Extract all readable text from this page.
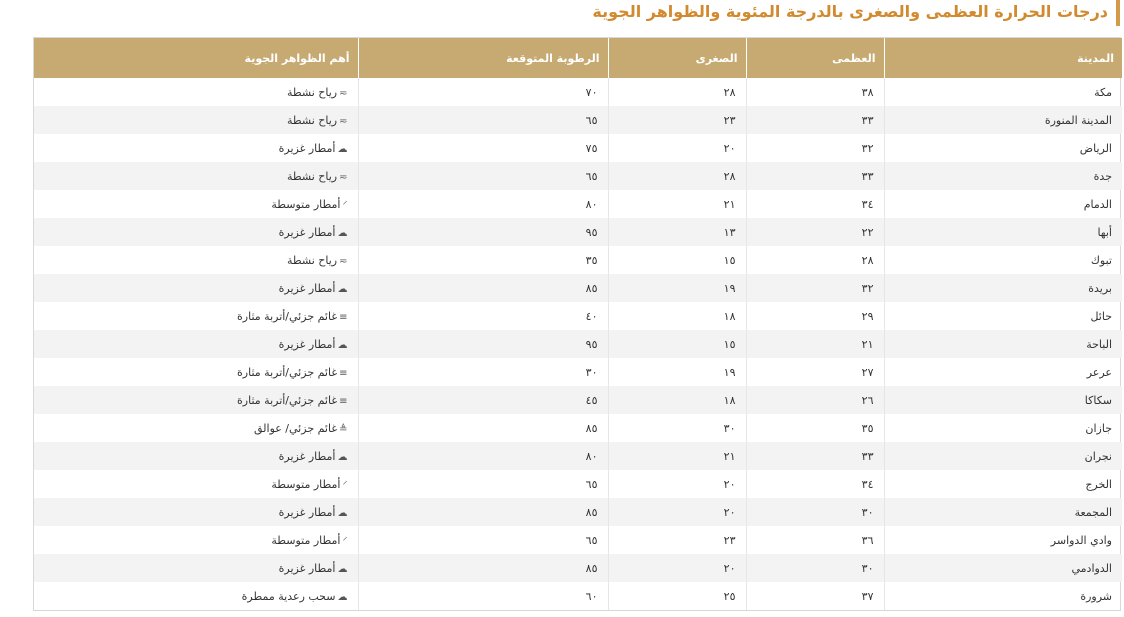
درجات الحرارة العظمى والصغرى بالدرجة المئوية والظواهر الجوية
المدينة	العظمى	الصغرى	الرطوبة المتوقعة	أهم الظواهر الجوية
مكة	٣٨	٢٨	٧٠	≂رياح نشطة
المدينة المنورة	٣٣	٢٣	٦٥	≂رياح نشطة
الرياض	٣٢	٢٠	٧٥	☁أمطار غزيرة
جدة	٣٣	٢٨	٦٥	≂رياح نشطة
الدمام	٣٤	٢١	٨٠	⸌أمطار متوسطة
أبها	٢٢	١٣	٩٥	☁أمطار غزيرة
تبوك	٢٨	١٥	٣٥	≂رياح نشطة
بريدة	٣٢	١٩	٨٥	☁أمطار غزيرة
حائل	٢٩	١٨	٤٠	≡غائم جزئي/أتربة مثارة
الباحة	٢١	١٥	٩٥	☁أمطار غزيرة
عرعر	٢٧	١٩	٣٠	≡غائم جزئي/أتربة مثارة
سكاكا	٢٦	١٨	٤٥	≡غائم جزئي/أتربة مثارة
جازان	٣٥	٣٠	٨٥	≜غائم جزئي/ عوالق
نجران	٣٣	٢١	٨٠	☁أمطار غزيرة
الخرج	٣٤	٢٠	٦٥	⸌أمطار متوسطة
المجمعة	٣٠	٢٠	٨٥	☁أمطار غزيرة
وادي الدواسر	٣٦	٢٣	٦٥	⸌أمطار متوسطة
الدوادمي	٣٠	٢٠	٨٥	☁أمطار غزيرة
شرورة	٣٧	٢٥	٦٠	☁سحب رعدية ممطرة
